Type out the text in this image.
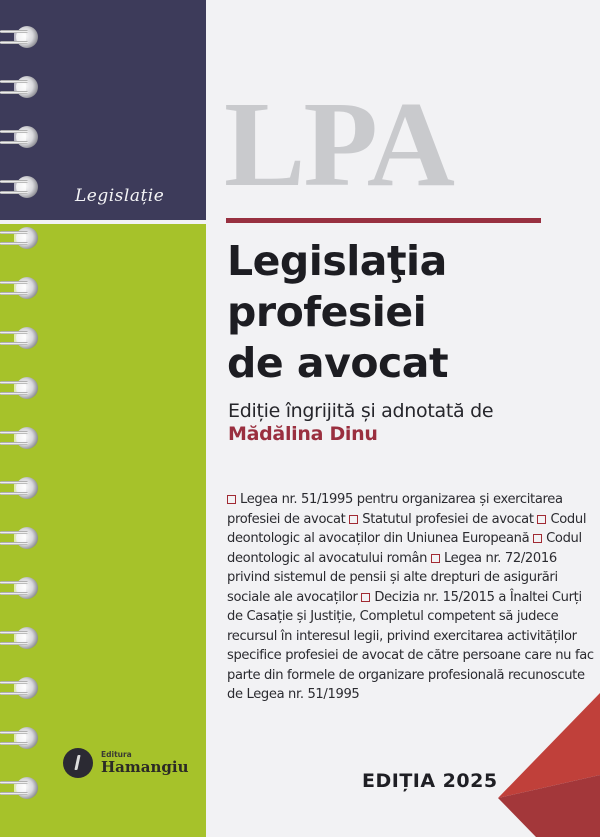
Legislație LPA
Legislaţia
profesiei
de avocat
Ediție îngrijită și adnotată de
Mădălina Dinu
Legea nr. 51/1995 pentru organizarea și exercitarea profesiei de avocat Statutul profesiei de avocat Codul deontologic al avocaților din Uniunea Europeană Codul deontologic al avocatului român Legea nr. 72/2016 privind sistemul de pensii și alte drepturi de asigurări sociale ale avocaților Decizia nr. 15/2015 a Înaltei Curți de Casație și Justiție, Completul competent să judece recursul în interesul legii, privind exercitarea activităților specifice profesiei de avocat de către persoane care nu fac parte din formele de organizare profesională recunoscute de Legea nr. 51/1995
Editura
Hamangiu
EDIȚIA 2025
